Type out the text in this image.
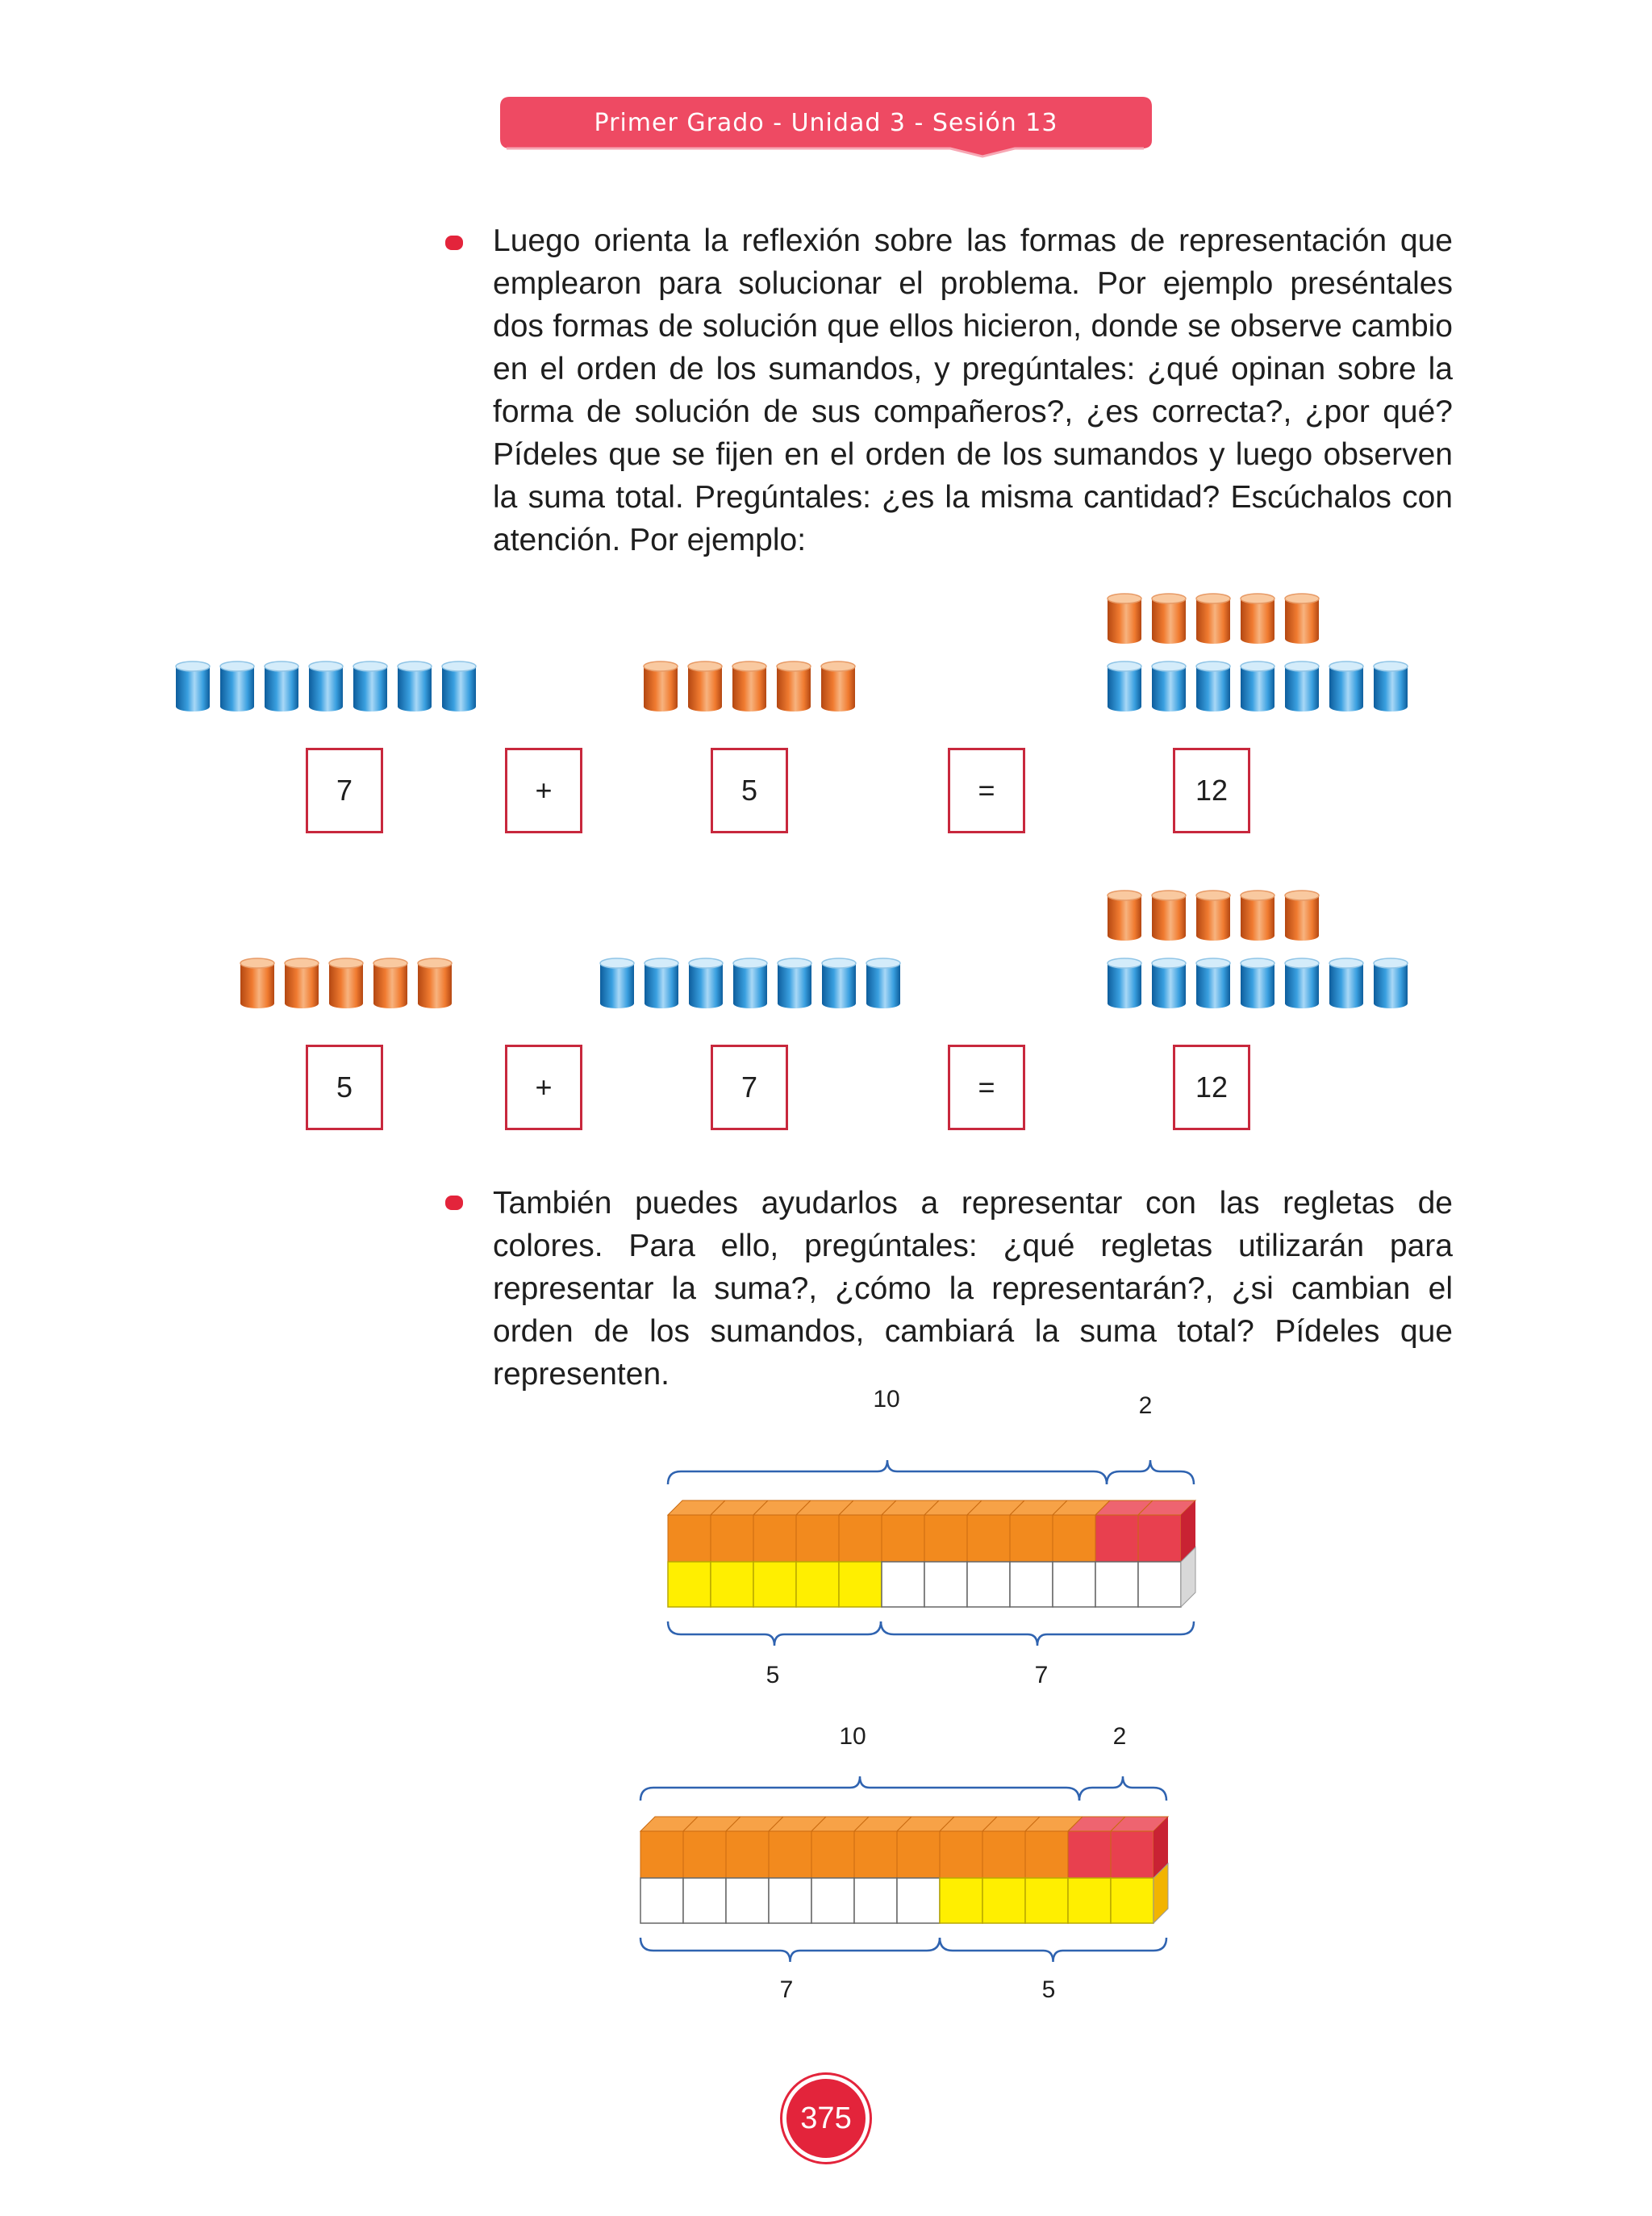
Primer Grado - Unidad 3 - Sesión 13

Luego orienta la reflexión sobre las formas de representación que emplearon para solucionar el problema. Por ejemplo preséntales dos formas de solución que ellos hicieron, donde se observe cambio en el orden de los sumandos, y pregúntales: ¿qué opinan sobre la forma de solución de sus compañeros?, ¿es correcta?, ¿por qué? Pídeles que se fijen en el orden de los sumandos y luego observen la suma total. Pregúntales: ¿es la misma cantidad? Escúchalos con atención. Por ejemplo:

7	+	5	=	12
5	+	7	=	12

También puedes ayudarlos a representar con las regletas de colores. Para ello, pregúntales: ¿qué regletas utilizarán para representar la suma?, ¿cómo la representarán?, ¿si cambian el orden de los sumandos, cambiará la suma total? Pídeles que representen.

10	2
5	7
10	2
7	5
375
